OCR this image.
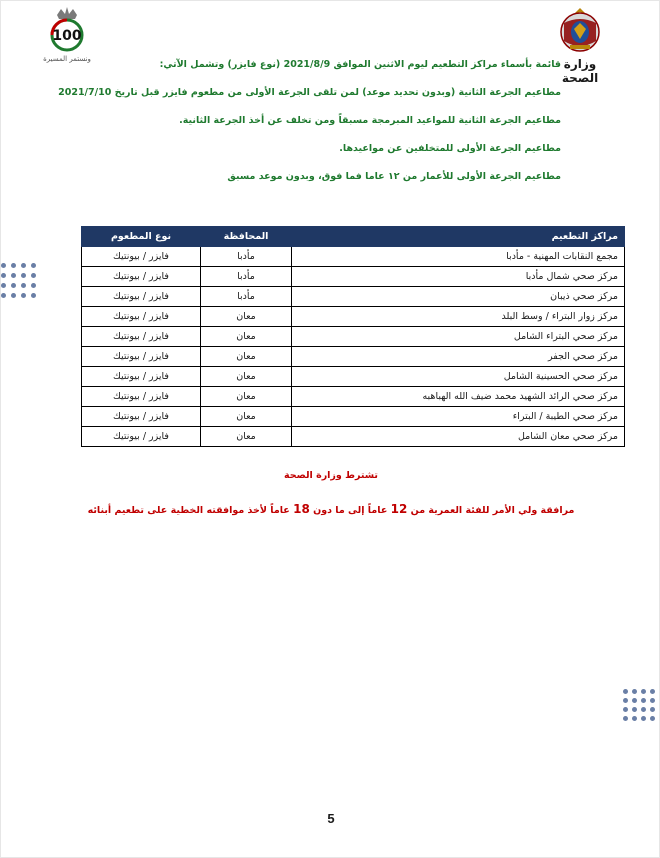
وزارة الصحة
100
ونستمر المسيرة	قائمة بأسماء مراكز التطعيم ليوم الاثنين الموافق 2021/8/9 (نوع فايزر) وتشمل الآتي:
مطاعيم الجرعة الثانية (وبدون تحديد موعد) لمن تلقى الجرعة الأولى من مطعوم فايزر قبل تاريخ 2021/7/10
مطاعيم الجرعة الثانية للمواعيد المبرمجة مسبقاً ومن تخلف عن أخذ الجرعة الثانية.
مطاعيم الجرعة الأولى للمتخلفين عن مواعيدها.
مطاعيم الجرعة الأولى للأعمار من ١٢ عاما فما فوق، وبدون موعد مسبق
مراكز التطعيم	المحافظة	نوع المطعوم
مجمع النقابات المهنية - مأدبا	مأدبا	فايزر / بيونتيك
مركز صحي شمال مأدبا	مأدبا	فايزر / بيونتيك
مركز صحي ذيبان	مأدبا	فايزر / بيونتيك
مركز زوار البتراء / وسط البلد	معان	فايزر / بيونتيك
مركز صحي البتراء الشامل	معان	فايزر / بيونتيك
مركز صحي الجفر	معان	فايزر / بيونتيك
مركز صحي الحسينية الشامل	معان	فايزر / بيونتيك
مركز صحي الرائد الشهيد محمد ضيف الله الهباهبه	معان	فايزر / بيونتيك
مركز صحي الطيبة / البتراء	معان	فايزر / بيونتيك
مركز صحي معان الشامل	معان	فايزر / بيونتيك
تشترط وزارة الصحة
مرافقة ولي الأمر للفئة العمرية من 12 عاماً إلى ما دون 18 عاماً لأخذ موافقته الخطية على تطعيم أبنائه
5
